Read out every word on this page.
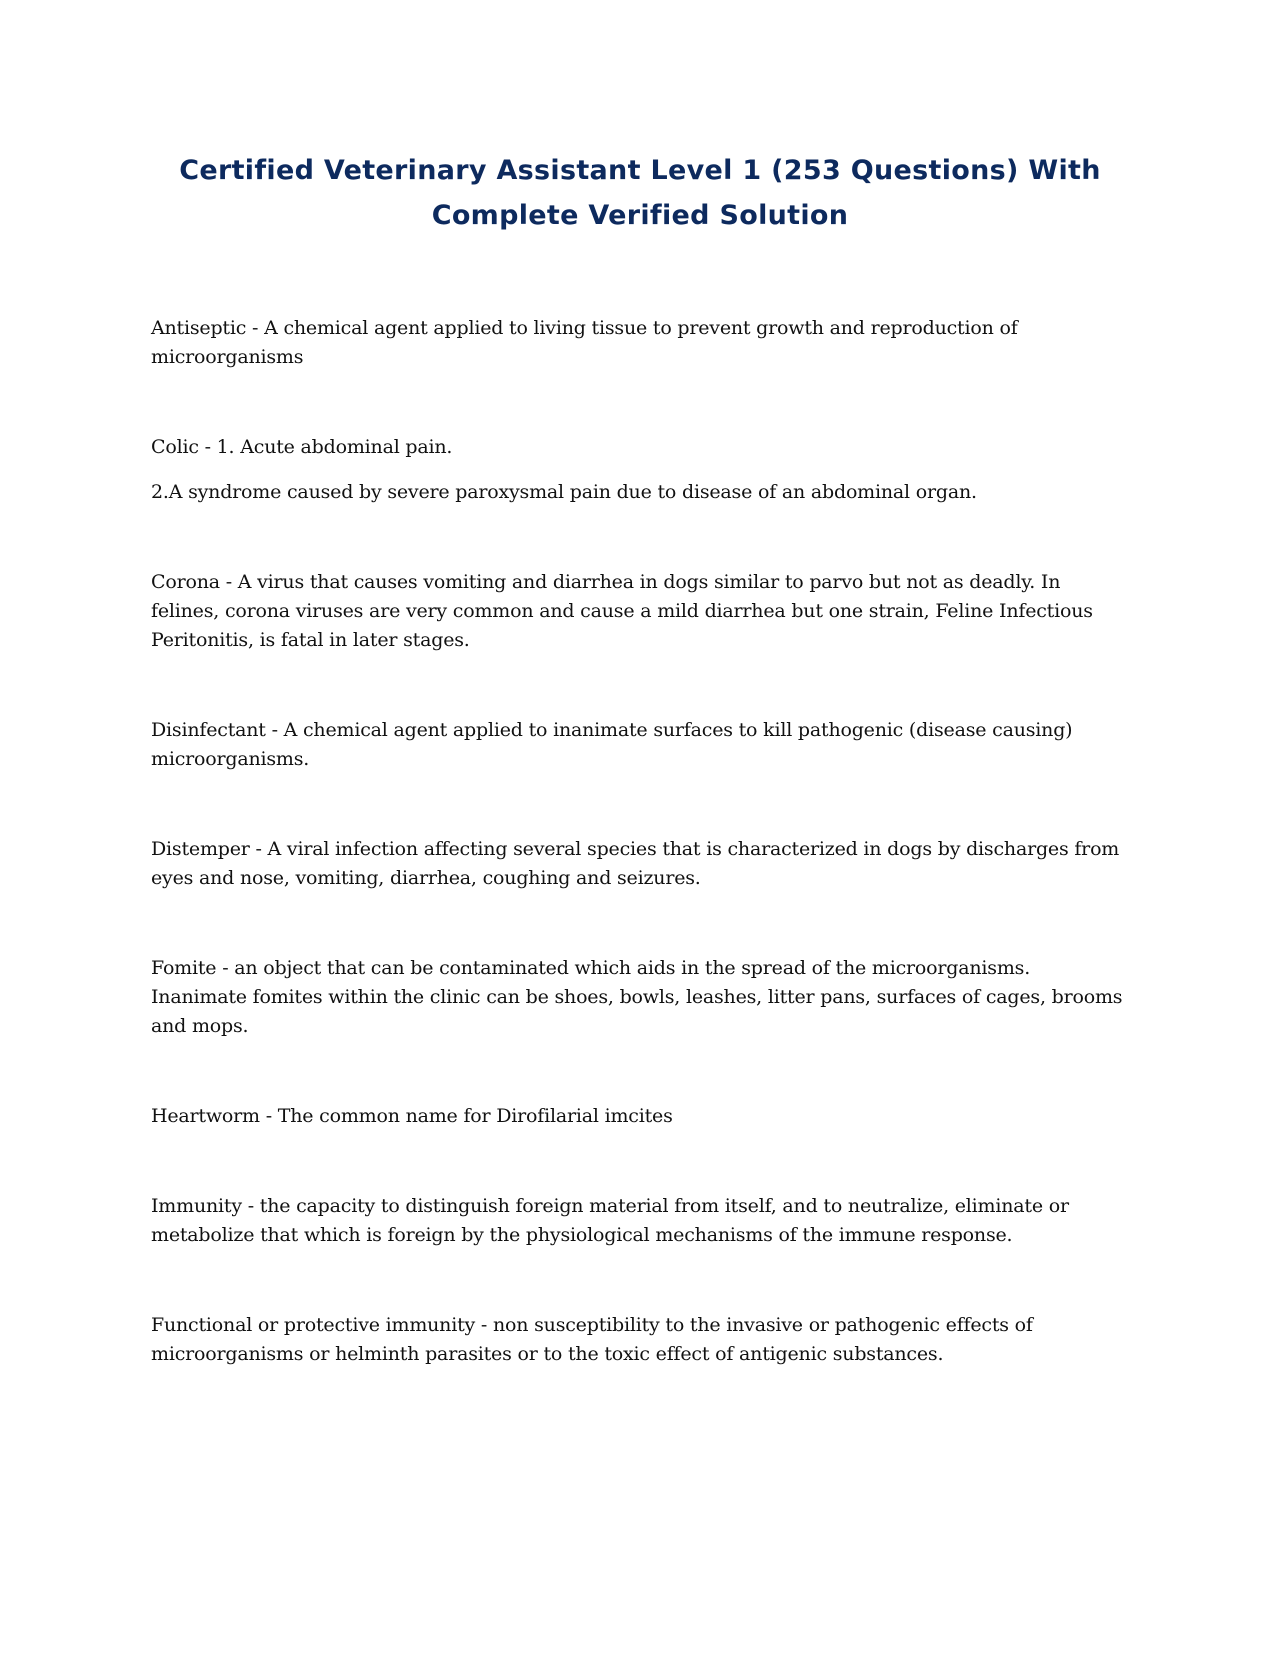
Certified Veterinary Assistant Level 1 (253 Questions) With Complete Verified Solution

Antiseptic - A chemical agent applied to living tissue to prevent growth and reproduction of microorganisms

Colic - 1. Acute abdominal pain.

2.A syndrome caused by severe paroxysmal pain due to disease of an abdominal organ.

Corona - A virus that causes vomiting and diarrhea in dogs similar to parvo but not as deadly. In felines, corona viruses are very common and cause a mild diarrhea but one strain, Feline Infectious Peritonitis, is fatal in later stages.

Disinfectant - A chemical agent applied to inanimate surfaces to kill pathogenic (disease causing) microorganisms.

Distemper - A viral infection affecting several species that is characterized in dogs by discharges from eyes and nose, vomiting, diarrhea, coughing and seizures.

Fomite - an object that can be contaminated which aids in the spread of the microorganisms. Inanimate fomites within the clinic can be shoes, bowls, leashes, litter pans, surfaces of cages, brooms and mops.

Heartworm - The common name for Dirofilarial imcites

Immunity - the capacity to distinguish foreign material from itself, and to neutralize, eliminate or metabolize that which is foreign by the physiological mechanisms of the immune response.

Functional or protective immunity - non susceptibility to the invasive or pathogenic effects of microorganisms or helminth parasites or to the toxic effect of antigenic substances.
